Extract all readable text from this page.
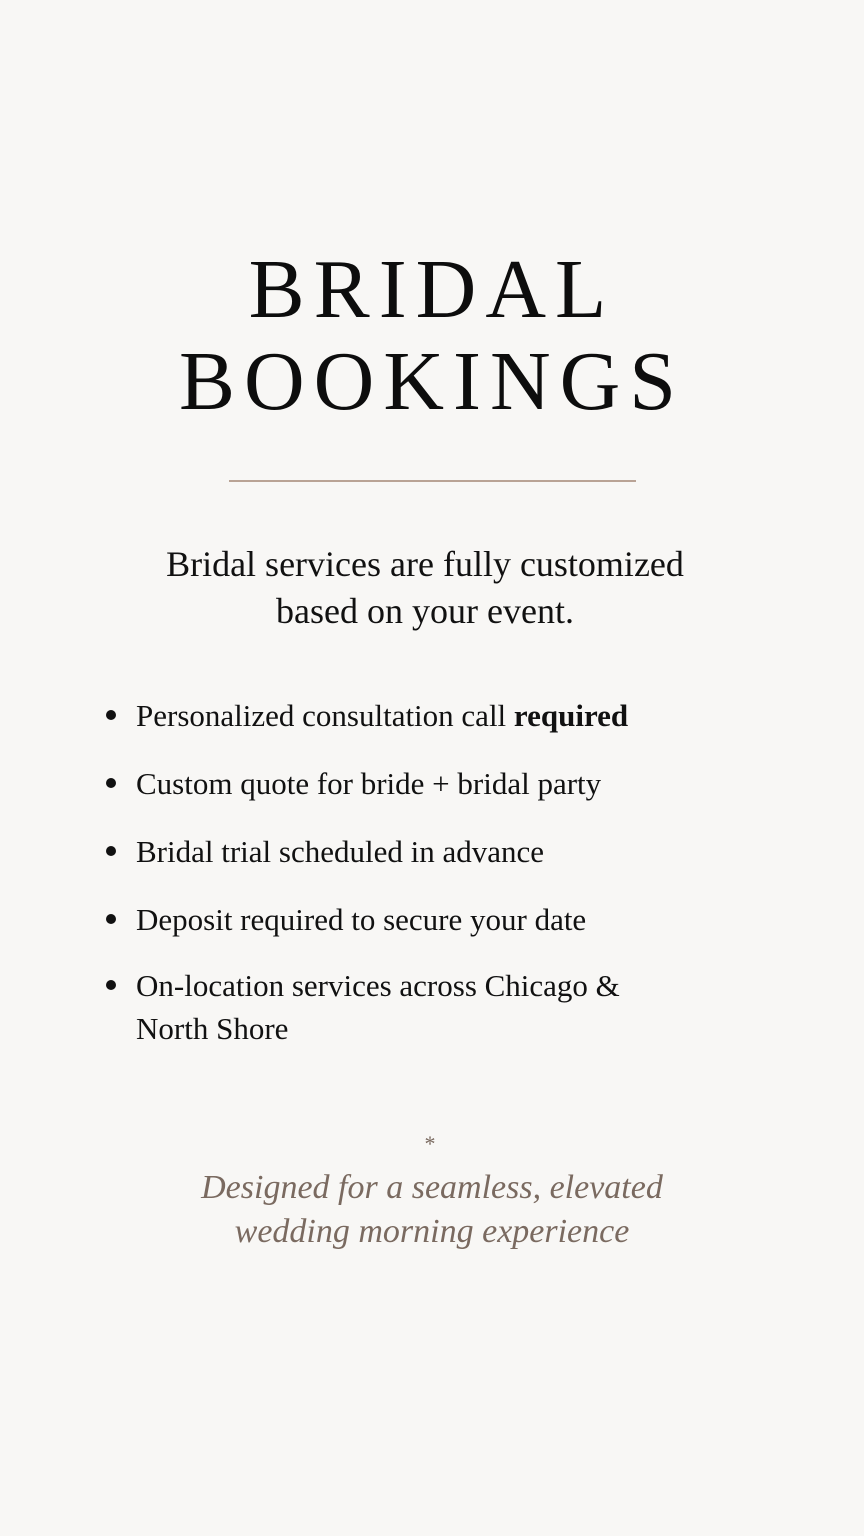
BRIDAL
BOOKINGS

Bridal services are fully customized
based on your event.

Personalized consultation call required
Custom quote for bride + bridal party
Bridal trial scheduled in advance
Deposit required to secure your date
On-location services across Chicago & North Shore

*
Designed for a seamless, elevated
wedding morning experience
